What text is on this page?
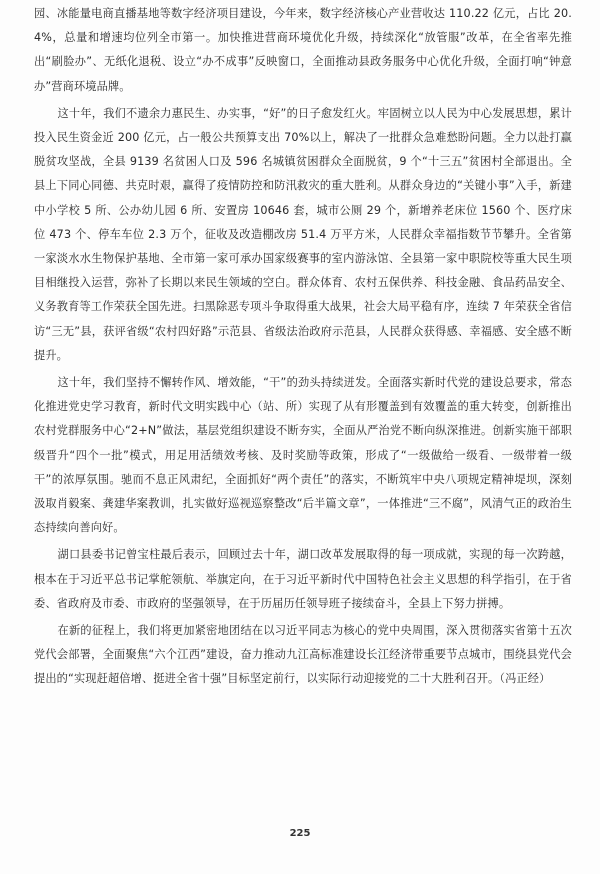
园、冰能量电商直播基地等数字经济项目建设，今年来，数字经济核心产业营收达 110.22 亿元，占比 20.4%，总量和增速均位列全市第一。加快推进营商环境优化升级，持续深化“放管服”改革，在全省率先推出“刷脸办”、无纸化退税、设立“办不成事”反映窗口，全面推动县政务服务中心优化升级，全面打响“钟意办”营商环境品牌。

这十年，我们不遗余力惠民生、办实事，“好”的日子愈发红火。牢固树立以人民为中心发展思想，累计投入民生资金近 200 亿元，占一般公共预算支出 70%以上，解决了一批群众急难愁盼问题。全力以赴打赢脱贫攻坚战，全县 9139 名贫困人口及 596 名城镇贫困群众全面脱贫，9 个“十三五”贫困村全部退出。全县上下同心同德、共克时艰，赢得了疫情防控和防汛救灾的重大胜利。从群众身边的“关键小事”入手，新建中小学校 5 所、公办幼儿园 6 所、安置房 10646 套，城市公厕 29 个，新增养老床位 1560 个、医疗床位 473 个、停车车位 2.3 万个，征收及改造棚改房 51.4 万平方米，人民群众幸福指数节节攀升。全省第一家淡水水生物保护基地、全市第一家可承办国家级赛事的室内游泳馆、全县第一家中职院校等重大民生项目相继投入运营，弥补了长期以来民生领域的空白。群众体育、农村五保供养、科技金融、食品药品安全、义务教育等工作荣获全国先进。扫黑除恶专项斗争取得重大战果，社会大局平稳有序，连续 7 年荣获全省信访“三无”县，获评省级“农村四好路”示范县、省级法治政府示范县，人民群众获得感、幸福感、安全感不断提升。

这十年，我们坚持不懈转作风、增效能，“干”的劲头持续迸发。全面落实新时代党的建设总要求，常态化推进党史学习教育，新时代文明实践中心（站、所）实现了从有形覆盖到有效覆盖的重大转变，创新推出农村党群服务中心“2+N”做法，基层党组织建设不断夯实，全面从严治党不断向纵深推进。创新实施干部职级晋升“四个一批”模式，用足用活绩效考核、及时奖励等政策，形成了“一级做给一级看、一级带着一级干”的浓厚氛围。驰而不息正风肃纪，全面抓好“两个责任”的落实，不断筑牢中央八项规定精神堤坝，深刻汲取肖毅案、龚建华案教训，扎实做好巡视巡察整改“后半篇文章”，一体推进“三不腐”，风清气正的政治生态持续向善向好。

湖口县委书记曾宝柱最后表示，回顾过去十年，湖口改革发展取得的每一项成就，实现的每一次跨越，根本在于习近平总书记掌舵领航、举旗定向，在于习近平新时代中国特色社会主义思想的科学指引，在于省委、省政府及市委、市政府的坚强领导，在于历届历任领导班子接续奋斗，全县上下努力拼搏。

在新的征程上，我们将更加紧密地团结在以习近平同志为核心的党中央周围，深入贯彻落实省第十五次党代会部署，全面聚焦“六个江西”建设，奋力推动九江高标准建设长江经济带重要节点城市，围绕县党代会提出的“实现赶超倍增、挺进全省十强”目标坚定前行，以实际行动迎接党的二十大胜利召开。（冯正经）

225
